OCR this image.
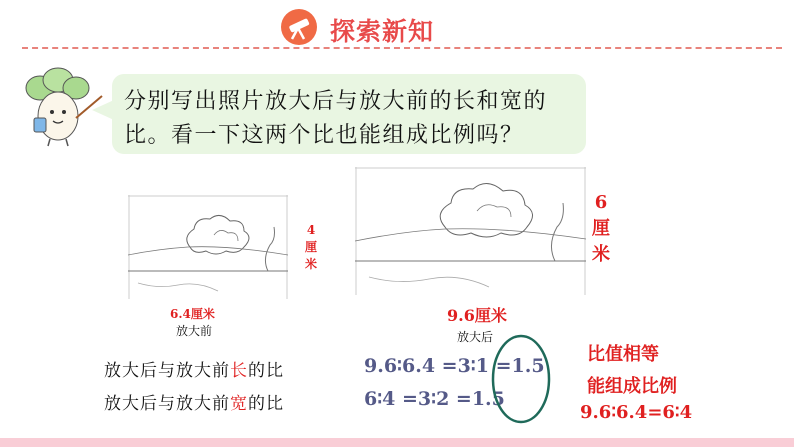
探索新知
分别写出照片放大后与放大前的长和宽的
比。看一下这两个比也能组成比例吗？
4
厘
米
6
厘
米
6.4厘米
放大前
9.6厘米
放大后
放大后与放大前长的比
放大后与放大前宽的比
9.6∶6.4 =3∶1 =1.5
6∶4 =3∶2 =1.5
比值相等
能组成比例
9.6∶6.4=6∶4
